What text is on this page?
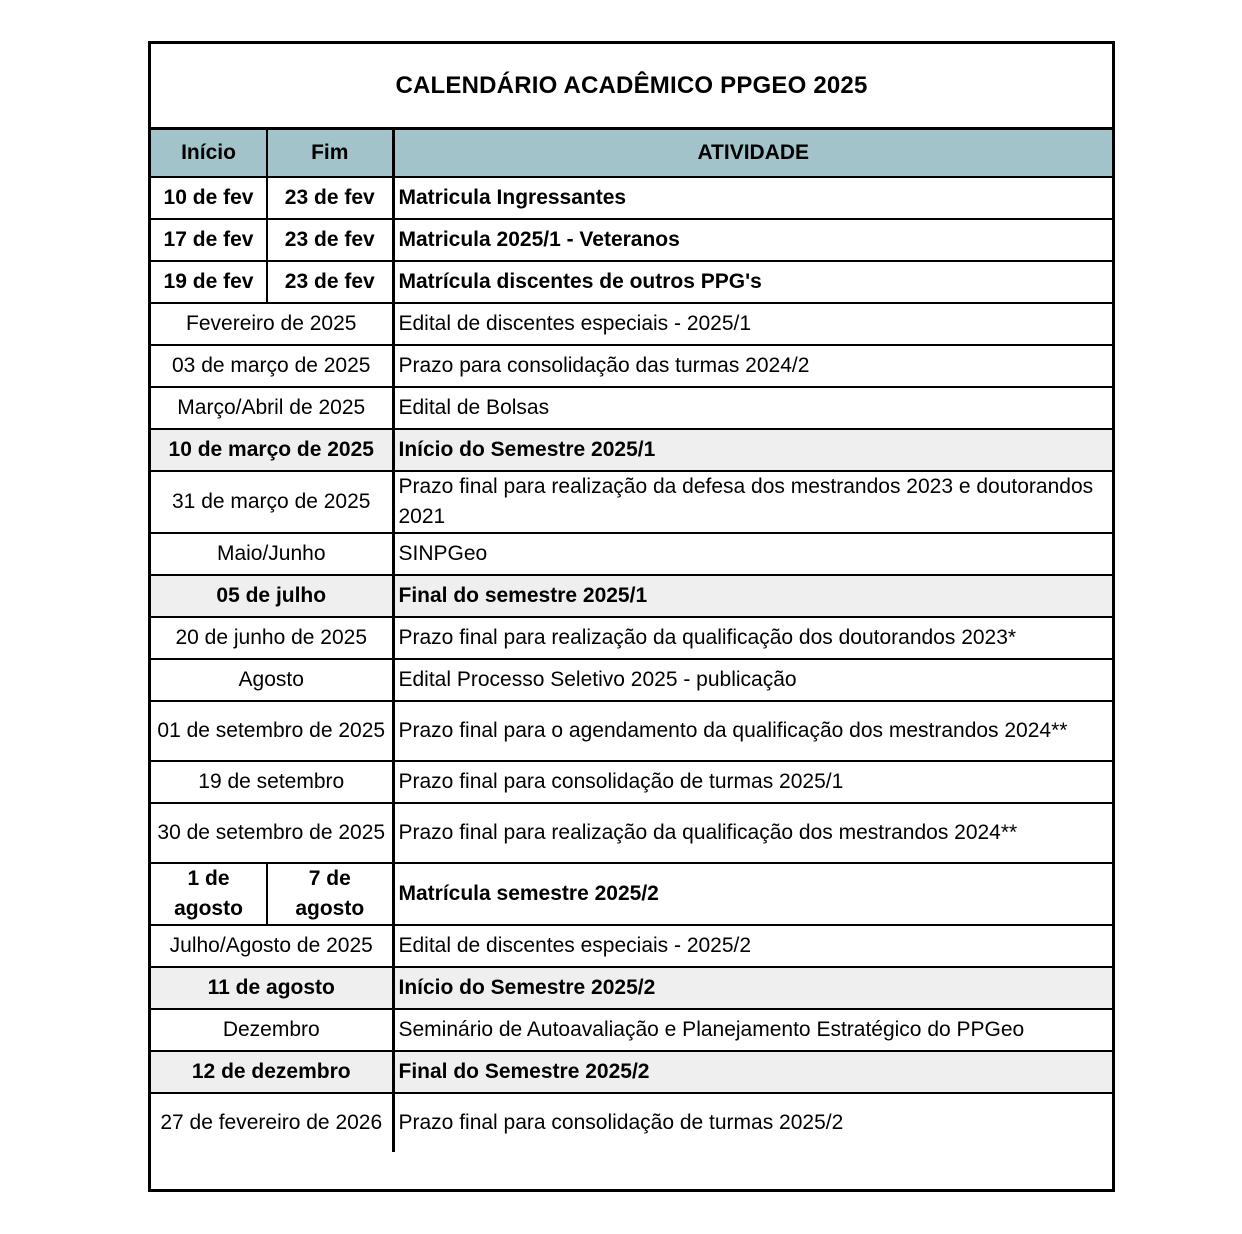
CALENDÁRIO ACADÊMICO PPGEO 2025
Início	Fim	ATIVIDADE
10 de fev	23 de fev	Matricula Ingressantes
17 de fev	23 de fev	Matricula 2025/1 - Veteranos
19 de fev	23 de fev	Matrícula discentes de outros PPG's
Fevereiro de 2025		Edital de discentes especiais - 2025/1
03 de março de 2025		Prazo para consolidação das turmas 2024/2
Março/Abril de 2025		Edital de Bolsas
10 de março de 2025		Início do Semestre 2025/1
31 de março de 2025		Prazo final para realização da defesa dos mestrandos 2023 e doutorandos 2021
Maio/Junho		SINPGeo
05 de julho		Final do semestre 2025/1
20 de junho de 2025		Prazo final para realização da qualificação dos doutorandos 2023*
Agosto		Edital Processo Seletivo 2025 - publicação
01 de setembro de 2025		Prazo final para o agendamento da qualificação dos mestrandos 2024**
19 de setembro		Prazo final para consolidação de turmas 2025/1
30 de setembro de 2025		Prazo final para realização da qualificação dos mestrandos 2024**
1 de agosto	7 de agosto	Matrícula semestre 2025/2
Julho/Agosto de 2025		Edital de discentes especiais - 2025/2
11 de agosto		Início do Semestre 2025/2
Dezembro		Seminário de Autoavaliação e Planejamento Estratégico do PPGeo
12 de dezembro		Final do Semestre 2025/2
27 de fevereiro de 2026		Prazo final para consolidação de turmas 2025/2
